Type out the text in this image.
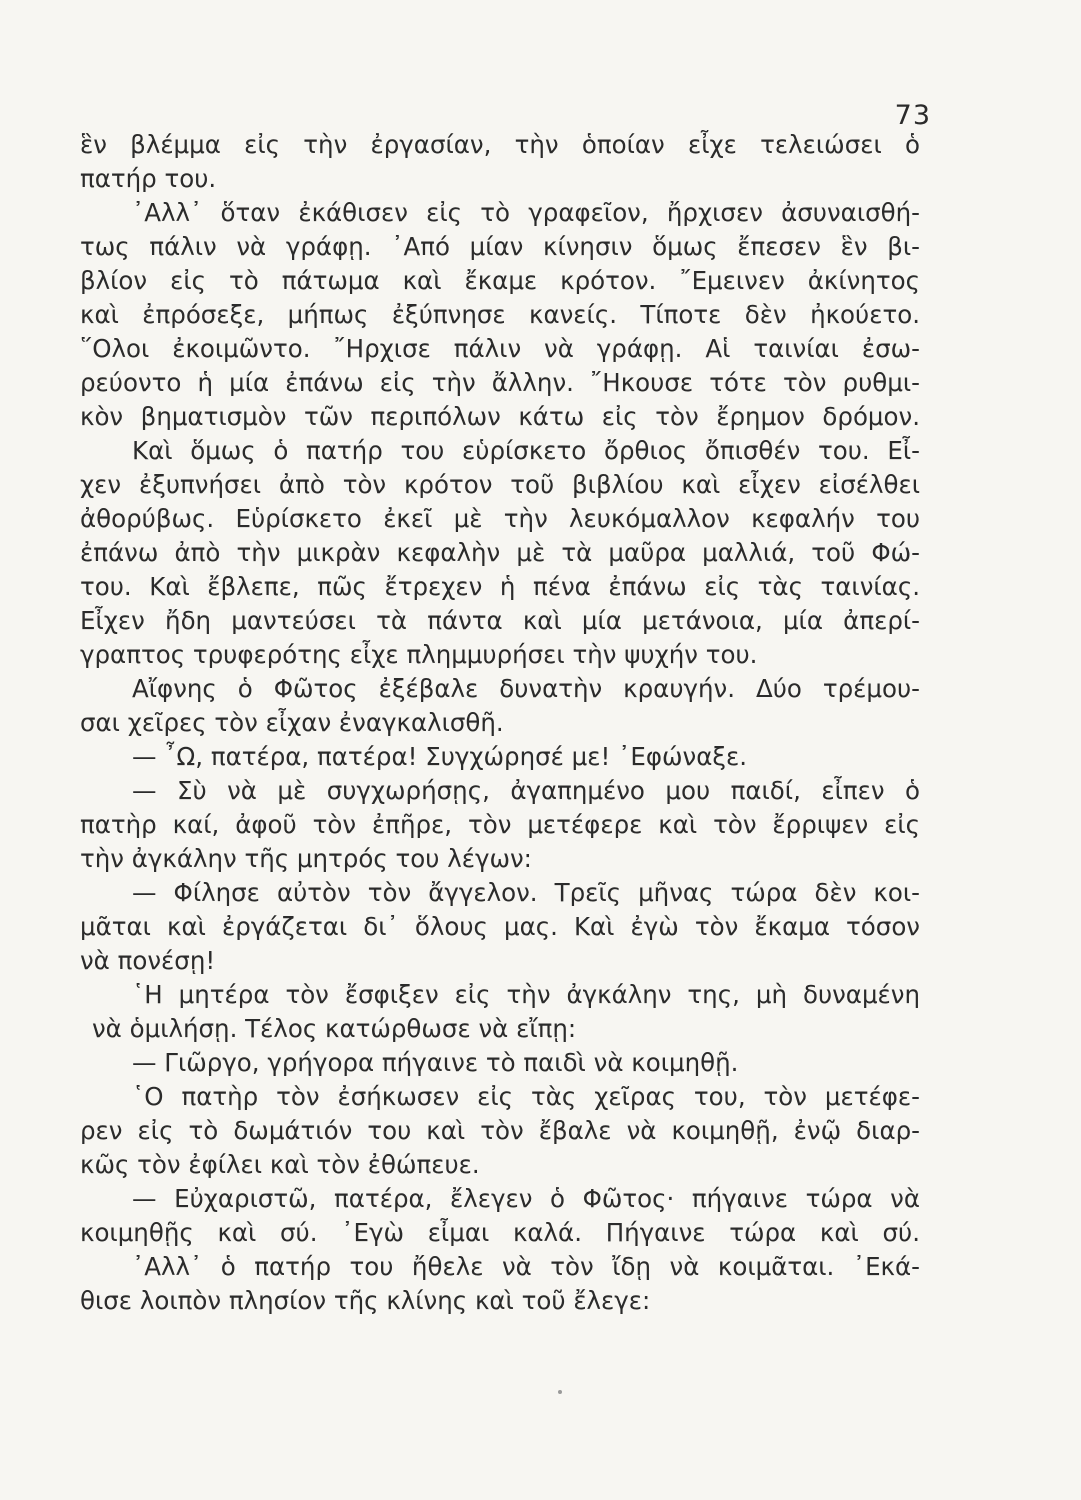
73
ἓν βλέμμα εἰς τὴν ἐργασίαν, τὴν ὁποίαν εἶχε τελειώσει ὁ
πατήρ του.
᾿Αλλ᾿ ὅταν ἐκάθισεν εἰς τὸ γραφεῖον, ἤρχισεν ἀσυναισθή-
τως πάλιν νὰ γράφῃ. ᾿Από μίαν κίνησιν ὅμως ἔπεσεν ἓν βι-
βλίον εἰς τὸ πάτωμα καὶ ἔκαμε κρότον. ῎Εμεινεν ἀκίνητος
καὶ ἐπρόσεξε, μήπως ἐξύπνησε κανείς. Τίποτε δὲν ἠκούετο.
῞Ολοι ἐκοιμῶντο. ῎Ηρχισε πάλιν νὰ γράφῃ. Αἱ ταινίαι ἐσω-
ρεύοντο ἡ μία ἐπάνω εἰς τὴν ἄλλην. ῎Ηκουσε τότε τὸν ρυθμι-
κὸν βηματισμὸν τῶν περιπόλων κάτω εἰς τὸν ἔρημον δρόμον.
Καὶ ὅμως ὁ πατήρ του εὑρίσκετο ὄρθιος ὄπισθέν του. Εἶ-
χεν ἐξυπνήσει ἀπὸ τὸν κρότον τοῦ βιβλίου καὶ εἶχεν εἰσέλθει
ἀθορύβως. Εὑρίσκετο ἐκεῖ μὲ τὴν λευκόμαλλον κεφαλήν του
ἐπάνω ἀπὸ τὴν μικρὰν κεφαλὴν μὲ τὰ μαῦρα μαλλιά, τοῦ Φώ-
του. Καὶ ἔβλεπε, πῶς ἔτρεχεν ἡ πένα ἐπάνω εἰς τὰς ταινίας.
Εἶχεν ἤδη μαντεύσει τὰ πάντα καὶ μία μετάνοια, μία ἀπερί-
γραπτος τρυφερότης εἶχε πλημμυρήσει τὴν ψυχήν του.
Αἴφνης ὁ Φῶτος ἐξέβαλε δυνατὴν κραυγήν. Δύο τρέμου-
σαι χεῖρες τὸν εἶχαν ἐναγκαλισθῆ.
— ῏Ω, πατέρα, πατέρα! Συγχώρησέ με! ᾿Εφώναξε.
— Σὺ νὰ μὲ συγχωρήσῃς, ἀγαπημένο μου παιδί, εἶπεν ὁ
πατὴρ καί, ἀφοῦ τὸν ἐπῆρε, τὸν μετέφερε καὶ τὸν ἔρριψεν εἰς
τὴν ἀγκάλην τῆς μητρός του λέγων:
— Φίλησε αὐτὸν τὸν ἄγγελον. Τρεῖς μῆνας τώρα δὲν κοι-
μᾶται καὶ ἐργάζεται δι᾿ ὅλους μας. Καὶ ἐγὼ τὸν ἔκαμα τόσον
νὰ πονέσῃ!
῾Η μητέρα τὸν ἔσφιξεν εἰς τὴν ἀγκάλην της, μὴ δυναμένη
νὰ ὁμιλήσῃ. Τέλος κατώρθωσε νὰ εἴπῃ:
— Γιῶργο, γρήγορα πήγαινε τὸ παιδὶ νὰ κοιμηθῇ.
῾Ο πατὴρ τὸν ἐσήκωσεν εἰς τὰς χεῖρας του, τὸν μετέφε-
ρεν εἰς τὸ δωμάτιόν του καὶ τὸν ἔβαλε νὰ κοιμηθῇ, ἐνῷ διαρ-
κῶς τὸν ἐφίλει καὶ τὸν ἐθώπευε.
— Εὐχαριστῶ, πατέρα, ἔλεγεν ὁ Φῶτος· πήγαινε τώρα νὰ
κοιμηθῇς καὶ σύ. ᾿Εγὼ εἶμαι καλά. Πήγαινε τώρα καὶ σύ.
᾿Αλλ᾿ ὁ πατήρ του ἤθελε νὰ τὸν ἴδῃ νὰ κοιμᾶται. ᾿Εκά-
θισε λοιπὸν πλησίον τῆς κλίνης καὶ τοῦ ἔλεγε:
